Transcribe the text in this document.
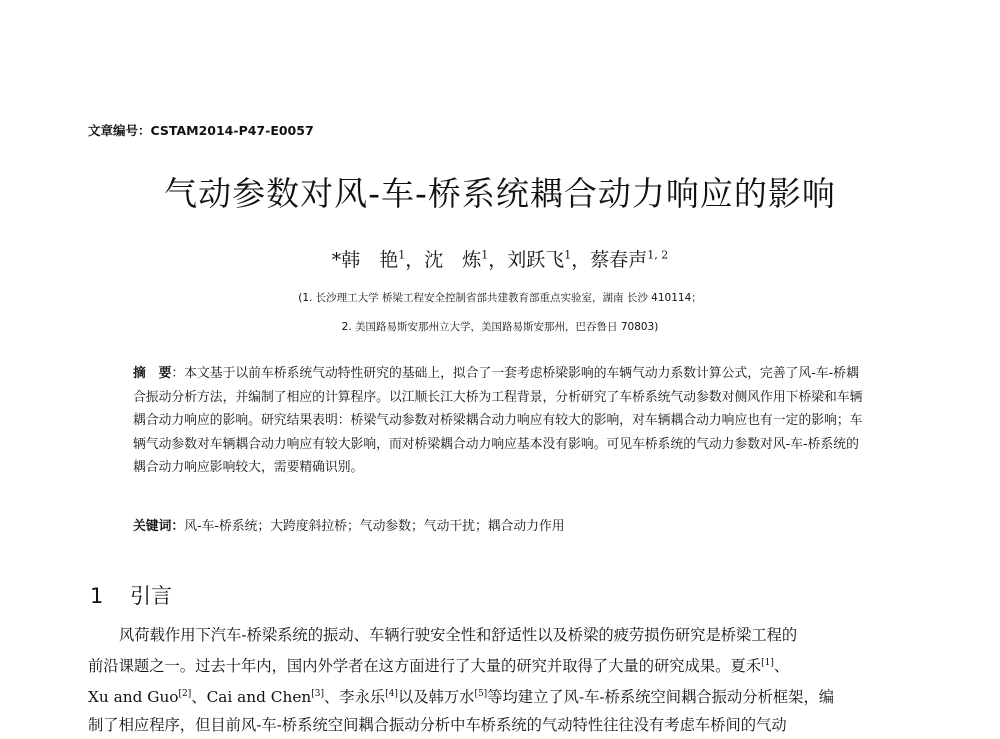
文章编号：CSTAM2014-P47-E0057
气动参数对风-车-桥系统耦合动力响应的影响
*韩　艳$^1$，沈　炼$^1$，刘跃飞$^1$，蔡春声$^{1, 2}$
(1. 长沙理工大学 桥梁工程安全控制省部共建教育部重点实验室，湖南 长沙 410114；
2. 美国路易斯安那州立大学，美国路易斯安那州，巴吞鲁日 70803)
摘　要：本文基于以前车桥系统气动特性研究的基础上，拟合了一套考虑桥梁影响的车辆气动力系数计算公式，完善了风-车-桥耦合振动分析方法，并编制了相应的计算程序。以江顺长江大桥为工程背景，分析研究了车桥系统气动参数对侧风作用下桥梁和车辆耦合动力响应的影响。研究结果表明：桥梁气动参数对桥梁耦合动力响应有较大的影响，对车辆耦合动力响应也有一定的影响；车辆气动参数对车辆耦合动力响应有较大影响，而对桥梁耦合动力响应基本没有影响。可见车桥系统的气动力参数对风-车-桥系统的耦合动力响应影响较大，需要精确识别。
关键词：风-车-桥系统；大跨度斜拉桥；气动参数；气动干扰；耦合动力作用
1 引言
风荷载作用下汽车-桥梁系统的振动、车辆行驶安全性和舒适性以及桥梁的疲劳损伤研究是桥梁工程的
前沿课题之一。过去十年内，国内外学者在这方面进行了大量的研究并取得了大量的研究成果。夏禾[1]、
Xu and Guo[2]、Cai and Chen[3]、李永乐[4]以及韩万水[5]等均建立了风-车-桥系统空间耦合振动分析框架，编
制了相应程序，但目前风-车-桥系统空间耦合振动分析中车桥系统的气动特性往往没有考虑车桥间的气动
